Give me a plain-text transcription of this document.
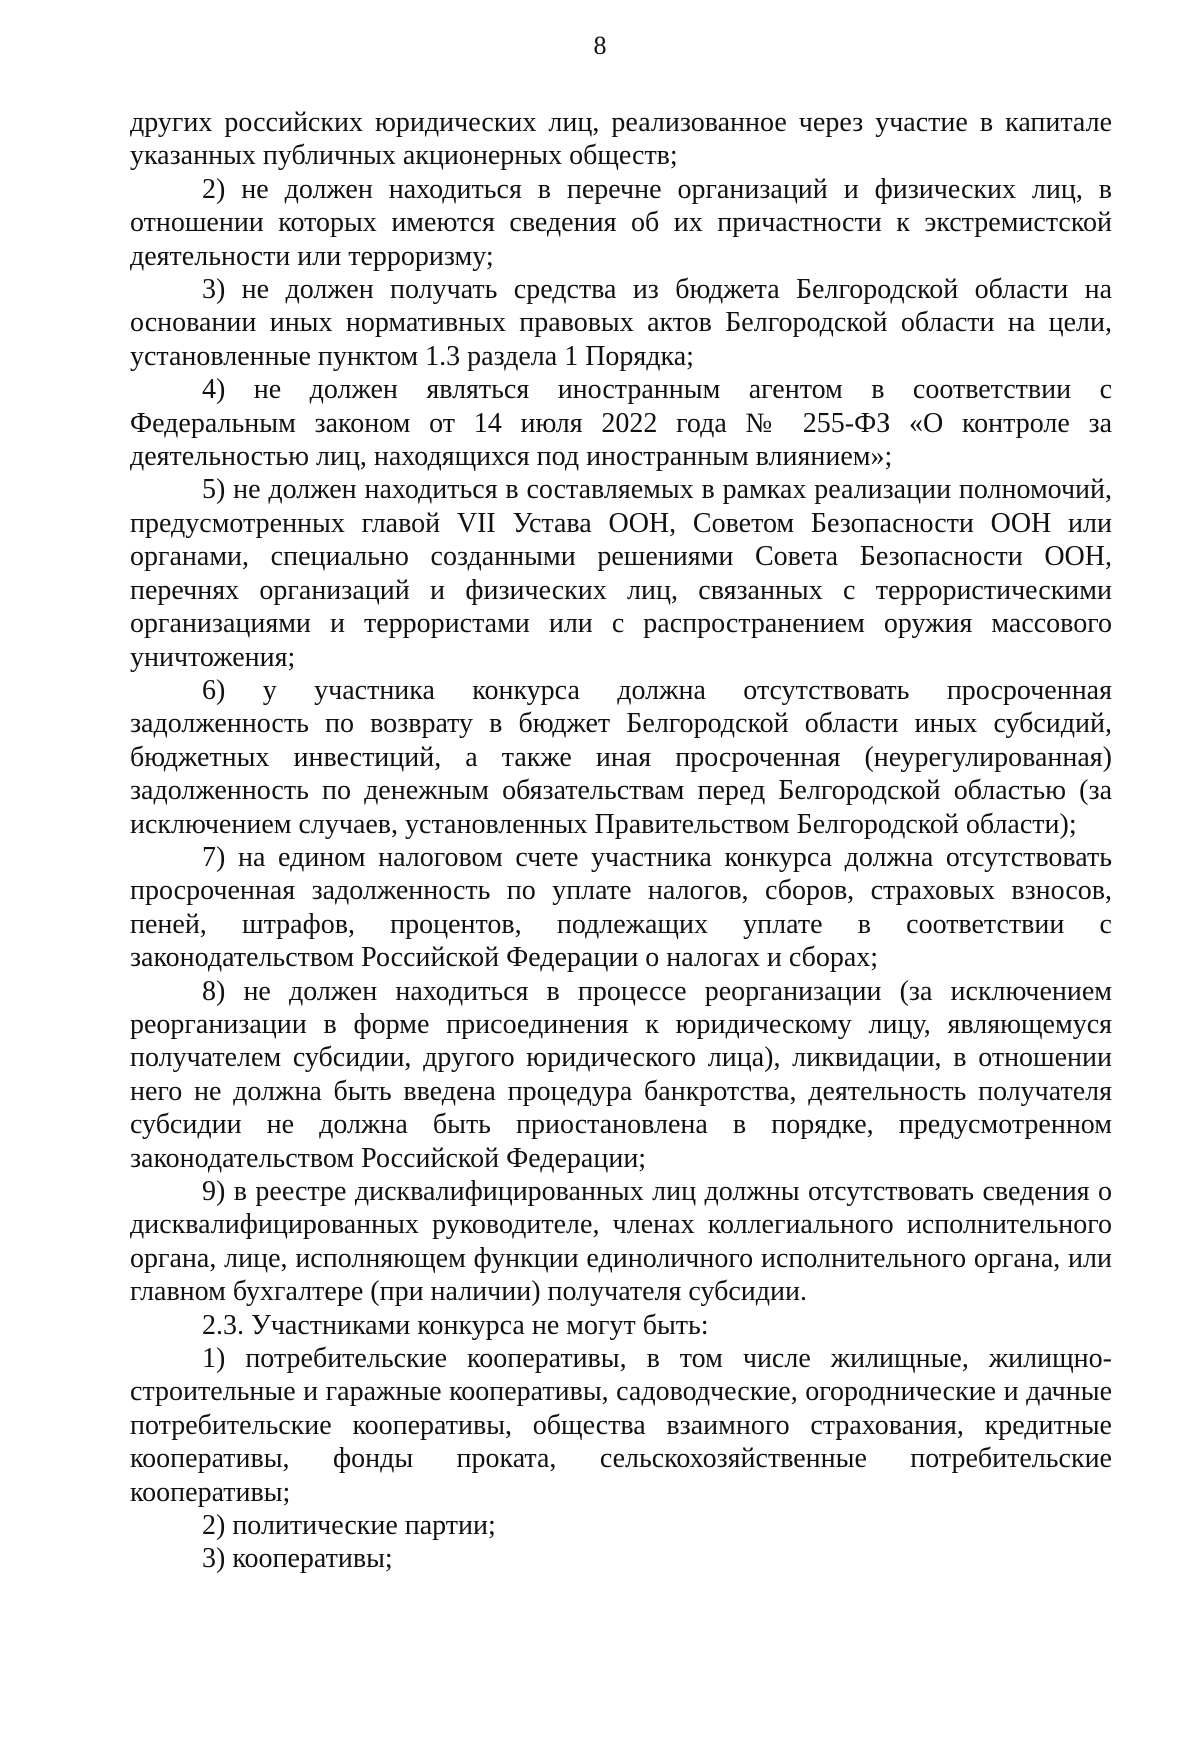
8

других российских юридических лиц, реализованное через участие в капитале указанных публичных акционерных обществ;

2) не должен находиться в перечне организаций и физических лиц, в отношении которых имеются сведения об их причастности к экстремистской деятельности или терроризму;

3) не должен получать средства из бюджета Белгородской области на основании иных нормативных правовых актов Белгородской области на цели, установленные пунктом 1.3 раздела 1 Порядка;

4) не должен являться иностранным агентом в соответствии с Федеральным законом от 14 июля 2022 года № 255-ФЗ «О контроле за деятельностью лиц, находящихся под иностранным влиянием»;

5) не должен находиться в составляемых в рамках реализации полномочий, предусмотренных главой VII Устава ООН, Советом Безопасности ООН или органами, специально созданными решениями Совета Безопасности ООН, перечнях организаций и физических лиц, связанных с террористическими организациями и террористами или с распространением оружия массового уничтожения;

6) у участника конкурса должна отсутствовать просроченная задолженность по возврату в бюджет Белгородской области иных субсидий, бюджетных инвестиций, а также иная просроченная (неурегулированная) задолженность по денежным обязательствам перед Белгородской областью (за исключением случаев, установленных Правительством Белгородской области);

7) на едином налоговом счете участника конкурса должна отсутствовать просроченная задолженность по уплате налогов, сборов, страховых взносов, пеней, штрафов, процентов, подлежащих уплате в соответствии с законодательством Российской Федерации о налогах и сборах;

8) не должен находиться в процессе реорганизации (за исключением реорганизации в форме присоединения к юридическому лицу, являющемуся получателем субсидии, другого юридического лица), ликвидации, в отношении него не должна быть введена процедура банкротства, деятельность получателя субсидии не должна быть приостановлена в порядке, предусмотренном законодательством Российской Федерации;

9) в реестре дисквалифицированных лиц должны отсутствовать сведения о дисквалифицированных руководителе, членах коллегиального исполнительного органа, лице, исполняющем функции единоличного исполнительного органа, или главном бухгалтере (при наличии) получателя субсидии.

2.3. Участниками конкурса не могут быть:

1) потребительские кооперативы, в том числе жилищные, жилищно-строительные и гаражные кооперативы, садоводческие, огороднические и дачные потребительские кооперативы, общества взаимного страхования, кредитные кооперативы, фонды проката, сельскохозяйственные потребительские кооперативы;

2) политические партии;

3) кооперативы;
